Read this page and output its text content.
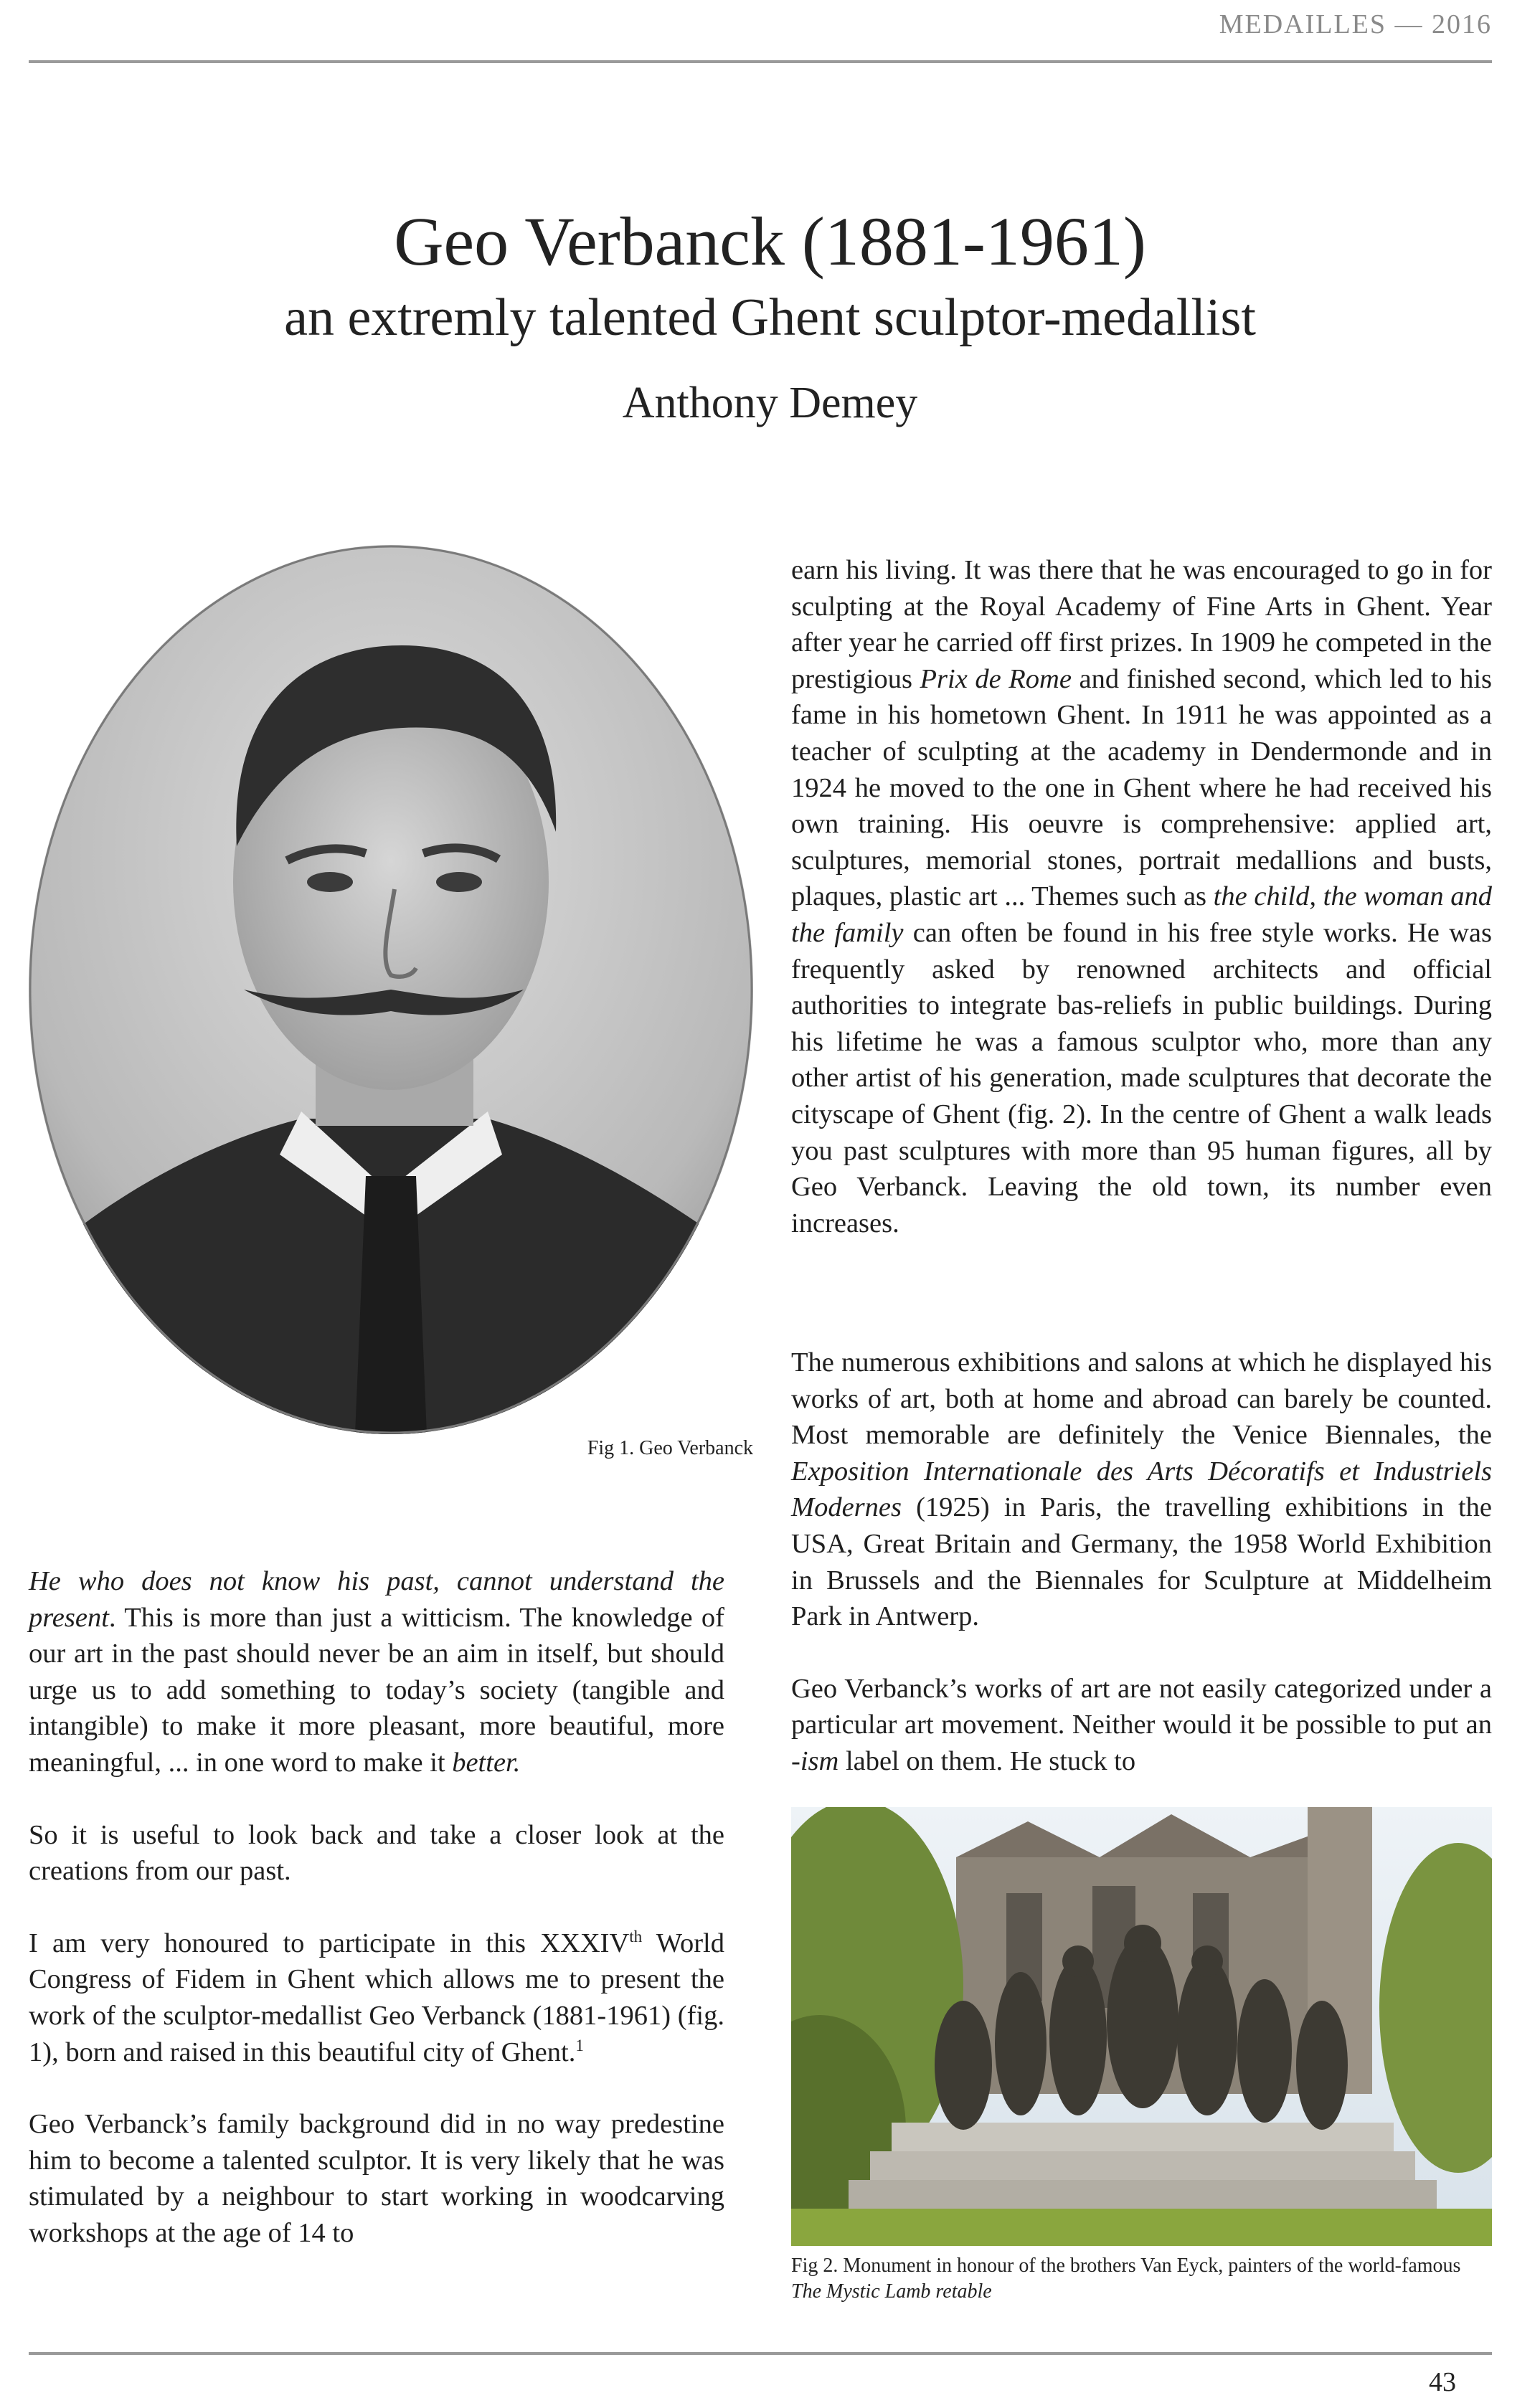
MEDAILLES — 2016
Geo Verbanck (1881-1961)
an extremly talented Ghent sculptor-medallist
Anthony Demey
Fig 1. Geo Verbanck

earn his living. It was there that he was encouraged to go in for sculpting at the Royal Academy of Fine Arts in Ghent. Year after year he carried off first prizes. In 1909 he competed in the prestigious Prix de Rome and finished second, which led to his fame in his hometown Ghent. In 1911 he was appointed as a teacher of sculpting at the academy in Dendermonde and in 1924 he moved to the one in Ghent where he had received his own training. His oeuvre is comprehensive: applied art, sculptures, memorial stones, portrait medallions and busts, plaques, plastic art ... Themes such as the child, the woman and the family can often be found in his free style works. He was frequently asked by renowned architects and official authorities to integrate bas-reliefs in public buildings. During his lifetime he was a famous sculptor who, more than any other artist of his generation, made sculptures that decorate the cityscape of Ghent (fig. 2). In the centre of Ghent a walk leads you past sculptures with more than 95 human figures, all by Geo Verbanck. Leaving the old town, its number even increases.

The numerous exhibitions and salons at which he displayed his works of art, both at home and abroad can barely be counted. Most memorable are definitely the Venice Biennales, the Exposition Internationale des Arts Décoratifs et Industriels Modernes (1925) in Paris, the travelling exhibitions in the USA, Great Britain and Germany, the 1958 World Exhibition in Brussels and the Biennales for Sculpture at Middelheim Park in Antwerp.

Geo Verbanck’s works of art are not easily categorized under a particular art movement. Neither would it be possible to put an -ism label on them. He stuck to

Fig 2. Monument in honour of the brothers Van Eyck, painters of the world-famous The Mystic Lamb retable

He who does not know his past, cannot understand the present. This is more than just a witticism. The knowledge of our art in the past should never be an aim in itself, but should urge us to add something to today’s society (tangible and intangible) to make it more pleasant, more beautiful, more meaningful, ... in one word to make it better.

So it is useful to look back and take a closer look at the creations from our past.

I am very honoured to participate in this XXXIVth World Congress of Fidem in Ghent which allows me to present the work of the sculptor-medallist Geo Verbanck (1881-1961) (fig. 1), born and raised in this beautiful city of Ghent.$^1$

Geo Verbanck’s family background did in no way predestine him to become a talented sculptor. It is very likely that he was stimulated by a neighbour to start working in woodcarving workshops at the age of 14 to

43
